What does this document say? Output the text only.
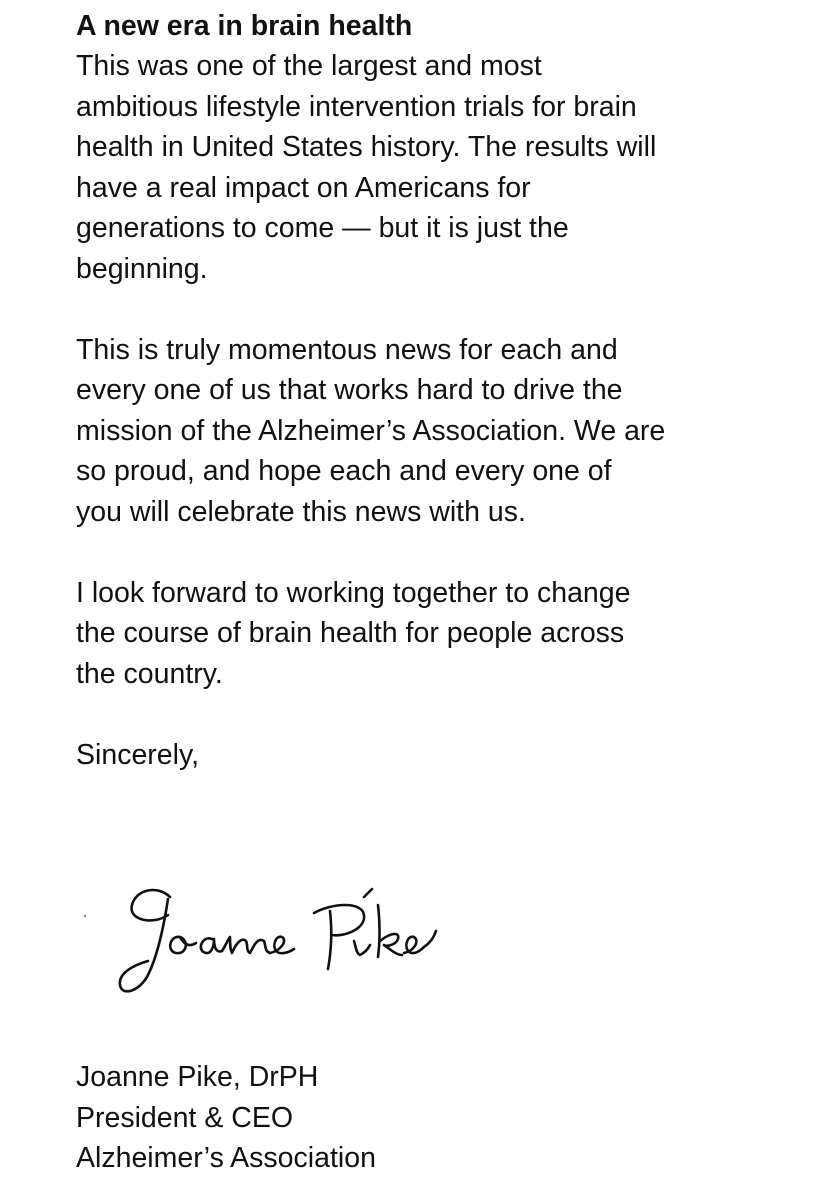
A new era in brain health

This was one of the largest and most
ambitious lifestyle intervention trials for brain
health in United States history. The results will
have a real impact on Americans for
generations to come — but it is just the
beginning.

This is truly momentous news for each and
every one of us that works hard to drive the
mission of the Alzheimer’s Association. We are
so proud, and hope each and every one of
you will celebrate this news with us.

I look forward to working together to change
the course of brain health for people across
the country.

Sincerely,

Joanne Pike, DrPH
President & CEO
Alzheimer’s Association
